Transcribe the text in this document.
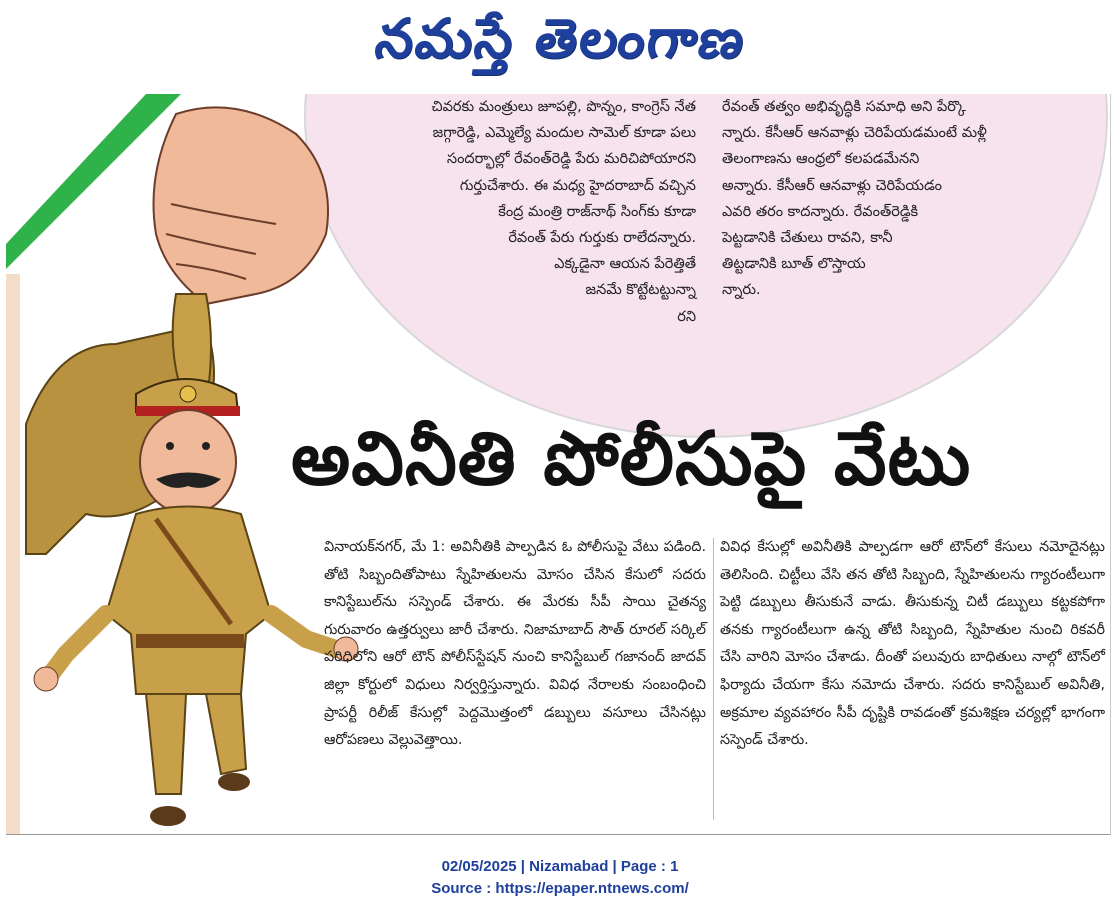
నమస్తే తెలంగాణ

చివరకు మంత్రులు జూపల్లి, పొన్నం, కాంగ్రెస్ నేత

జగ్గారెడ్డి, ఎమ్మెల్యే మందుల సామెల్ కూడా పలు

సందర్భాల్లో రేవంత్‌రెడ్డి పేరు మరిచిపోయారని

గుర్తుచేశారు. ఈ మధ్య హైదరాబాద్ వచ్చిన

కేంద్ర మంత్రి రాజ్‌నాథ్ సింగ్‌కు కూడా

రేవంత్ పేరు గుర్తుకు రాలేదన్నారు.

ఎక్కడైనా ఆయన పేరెత్తితే

జనమే కొట్టేటట్టున్నా

రని

రేవంత్ తత్వం అభివృద్ధికి సమాధి అని పేర్కొ

న్నారు. కేసీఆర్ ఆనవాళ్లు చెరిపేయడమంటే మళ్లీ

తెలంగాణను ఆంధ్రలో కలపడమేనని

అన్నారు. కేసీఆర్ ఆనవాళ్లు చెరిపేయడం

ఎవరి తరం కాదన్నారు. రేవంత్‌రెడ్డికి

పెట్టడానికి చేతులు రావని, కానీ

తిట్టడానికి బూత్ లొస్తాయ

న్నారు.

అవినీతి పోలీసుపై వేటు

వినాయక్‌నగర్, మే 1: అవినీతికి పాల్పడిన ఓ పోలీసుపై వేటు పడింది. తోటి సిబ్బందితోపాటు స్నేహితులను మోసం చేసిన కేసులో సదరు కానిస్టేబుల్‌ను సస్పెండ్ చేశారు. ఈ మేరకు సీపీ సాయి చైతన్య గురువారం ఉత్తర్వులు జారీ చేశారు. నిజామాబాద్ సౌత్ రూరల్ సర్కిల్ పరిధిలోని ఆరో టౌన్ పోలీస్‌స్టేషన్ నుంచి కానిస్టేబుల్ గజానంద్ జాదవ్ జిల్లా కోర్టులో విధులు నిర్వర్తిస్తున్నారు. వివిధ నేరాలకు సంబంధించి ప్రాపర్టీ రిలీజ్ కేసుల్లో పెద్దమొత్తంలో డబ్బులు వసూలు చేసినట్లు ఆరోపణలు వెల్లువెత్తాయి.

వివిధ కేసుల్లో అవినీతికి పాల్పడగా ఆరో టౌన్‌లో కేసులు నమోదైనట్లు తెలిసింది. చిట్టీలు వేసి తన తోటి సిబ్బంది, స్నేహితులను గ్యారంటీలుగా పెట్టి డబ్బులు తీసుకునే వాడు. తీసుకున్న చిటీ డబ్బులు కట్టకపోగా తనకు గ్యారంటీలుగా ఉన్న తోటి సిబ్బంది, స్నేహితుల నుంచి రికవరీ చేసి వారిని మోసం చేశాడు. దీంతో పలువురు బాధితులు నాల్గో టౌన్‌లో ఫిర్యాదు చేయగా కేసు నమోదు చేశారు. సదరు కానిస్టేబుల్ అవినీతి, అక్రమాల వ్యవహారం సీపీ దృష్టికి రావడంతో క్రమశిక్షణ చర్యల్లో భాగంగా సస్పెండ్ చేశారు.

02/05/2025 | Nizamabad | Page : 1
Source : https://epaper.ntnews.com/
